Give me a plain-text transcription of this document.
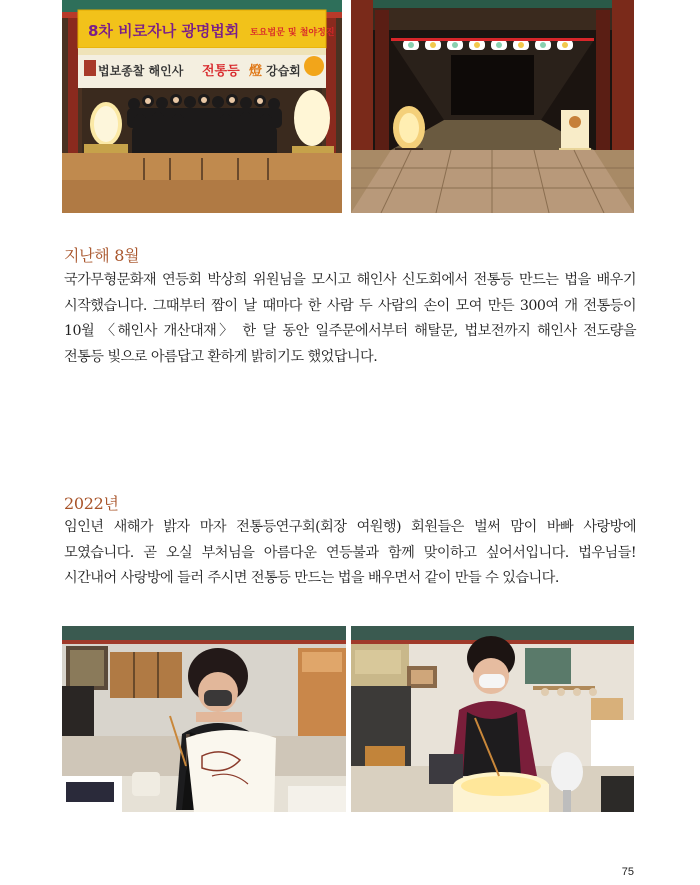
8차 비로자나 광명법회 토요법문 및 철야정진
법보종찰 해인사 전통등 燈 강습회
지난해 8월

국가무형문화재 연등회 박상희 위원님을 모시고 해인사 신도회에서 전통등 만드는 법을 배우기 시작했습니다. 그때부터 짬이 날 때마다 한 사람 두 사람의 손이 모여 만든 300여 개 전통등이 10월 〈해인사 개산대재〉 한 달 동안 일주문에서부터 해탈문, 법보전까지 해인사 전도량을 전통등 빛으로 아름답고 환하게 밝히기도 했었답니다.

2022년

임인년 새해가 밝자 마자 전통등연구회(회장 여원행) 회원들은 벌써 맘이 바빠 사랑방에 모였습니다. 곧 오실 부처님을 아름다운 연등불과 함께 맞이하고 싶어서입니다. 법우님들! 시간내어 사랑방에 들러 주시면 전통등 만드는 법을 배우면서 같이 만들 수 있습니다.

75
